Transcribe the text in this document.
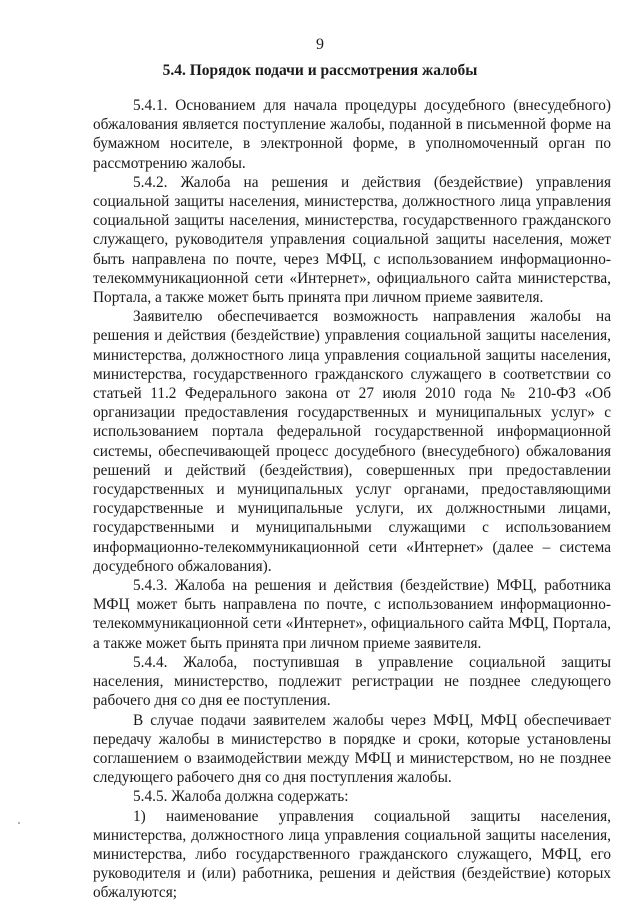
9
5.4. Порядок подачи и рассмотрения жалобы

5.4.1. Основанием для начала процедуры досудебного (внесудебного) обжалования является поступление жалобы, поданной в письменной форме на бумажном носителе, в электронной форме, в уполномоченный орган по рассмотрению жалобы.

5.4.2. Жалоба на решения и действия (бездействие) управления социальной защиты населения, министерства, должностного лица управления социальной защиты населения, министерства, государственного гражданского служащего, руководителя управления социальной защиты населения, может быть направлена по почте, через МФЦ, с использованием информационно-телекоммуникационной сети «Интернет», официального сайта министерства, Портала, а также может быть принята при личном приеме заявителя.

Заявителю обеспечивается возможность направления жалобы на решения и действия (бездействие) управления социальной защиты населения, министерства, должностного лица управления социальной защиты населения, министерства, государственного гражданского служащего в соответствии со статьей 11.2 Федерального закона от 27 июля 2010 года № 210-ФЗ «Об организации предоставления государственных и муниципальных услуг» с использованием портала федеральной государственной информационной системы, обеспечивающей процесс досудебного (внесудебного) обжалования решений и действий (бездействия), совершенных при предоставлении государственных и муниципальных услуг органами, предоставляющими государственные и муниципальные услуги, их должностными лицами, государственными и муниципальными служащими с использованием информационно-телекоммуникационной сети «Интернет» (далее – система досудебного обжалования).

5.4.3. Жалоба на решения и действия (бездействие) МФЦ, работника МФЦ может быть направлена по почте, с использованием информационно-телекоммуникационной сети «Интернет», официального сайта МФЦ, Портала, а также может быть принята при личном приеме заявителя.

5.4.4. Жалоба, поступившая в управление социальной защиты населения, министерство, подлежит регистрации не позднее следующего рабочего дня со дня ее поступления.

В случае подачи заявителем жалобы через МФЦ, МФЦ обеспечивает передачу жалобы в министерство в порядке и сроки, которые установлены соглашением о взаимодействии между МФЦ и министерством, но не позднее следующего рабочего дня со дня поступления жалобы.

5.4.5. Жалоба должна содержать:

1) наименование управления социальной защиты населения, министерства, должностного лица управления социальной защиты населения, министерства, либо государственного гражданского служащего, МФЦ, его руководителя и (или) работника, решения и действия (бездействие) которых обжалуются;
